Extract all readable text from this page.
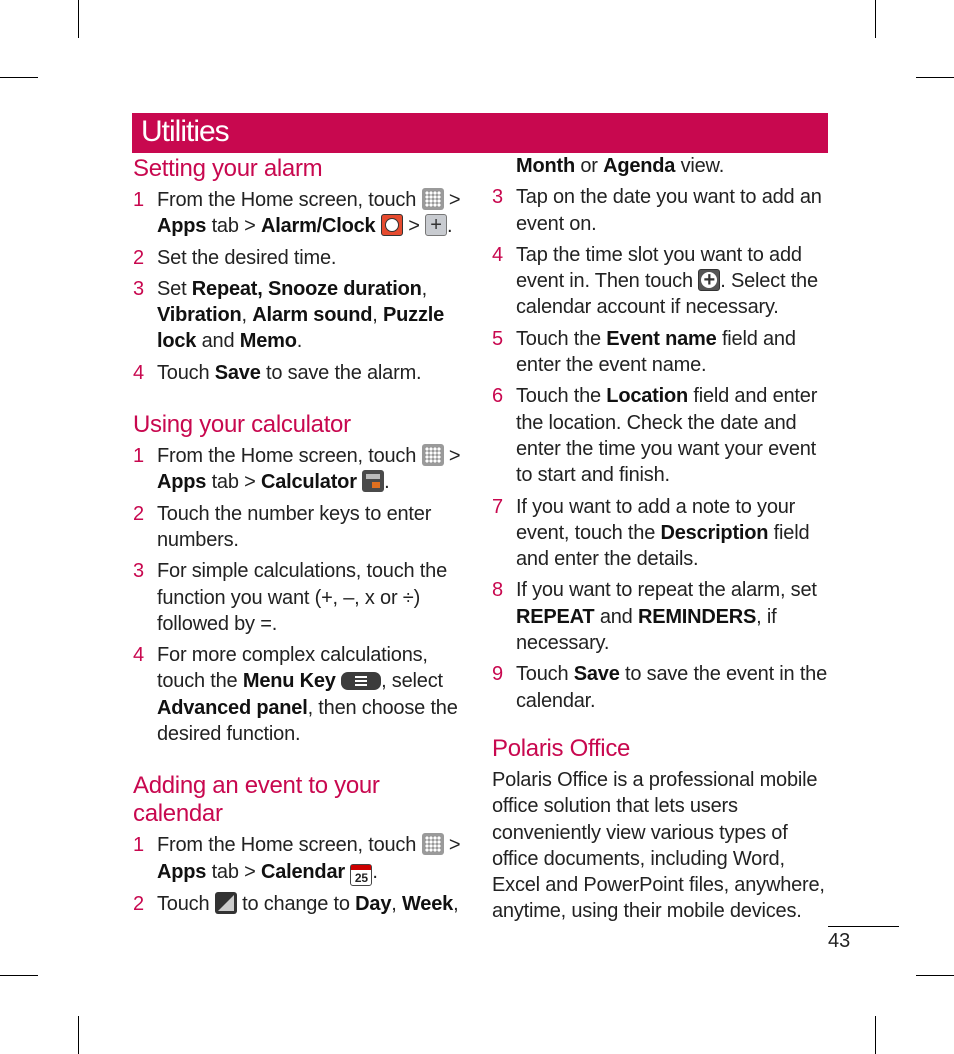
Utilities
Setting your alarm
1 From the Home screen, touch > Apps tab > Alarm/Clock > + .
2 Set the desired time.
3 Set Repeat, Snooze duration, Vibration, Alarm sound, Puzzle lock and Memo.
4 Touch Save to save the alarm.
Using your calculator
1 From the Home screen, touch > Apps tab > Calculator .
2 Touch the number keys to enter numbers.
3 For simple calculations, touch the function you want (+, –, x or ÷) followed by =.
4 For more complex calculations, touch the Menu Key , select Advanced panel, then choose the desired function.
Adding an event to your calendar
1 From the Home screen, touch > Apps tab > Calendar 25 .
2 Touch to change to Day, Week,
Month or Agenda view.
3 Tap on the date you want to add an event on.
4 Tap the time slot you want to add event in. Then touch + . Select the calendar account if necessary.
5 Touch the Event name field and enter the event name.
6 Touch the Location field and enter the location. Check the date and enter the time you want your event to start and finish.
7 If you want to add a note to your event, touch the Description field and enter the details.
8 If you want to repeat the alarm, set REPEAT and REMINDERS, if necessary.
9 Touch Save to save the event in the calendar.
Polaris Office

Polaris Office is a professional mobile office solution that lets users conveniently view various types of office documents, including Word, Excel and PowerPoint files, anywhere, anytime, using their mobile devices.

43
